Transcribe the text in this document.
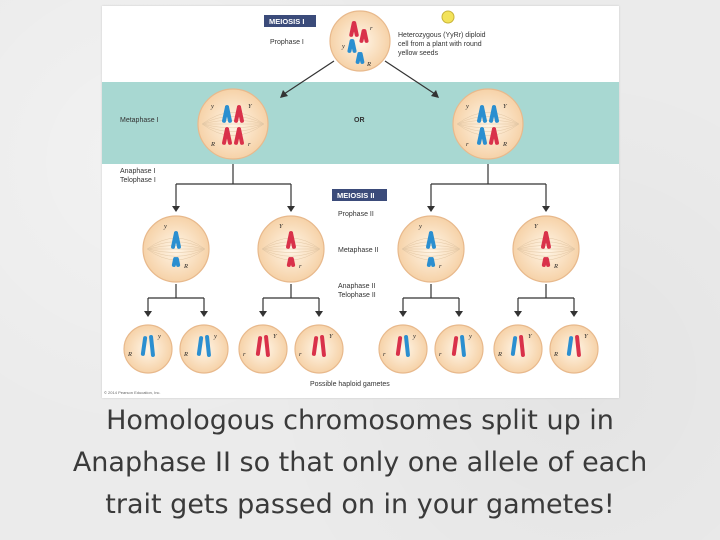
Metaphase I
Anaphase I
Telophase I
MEIOSIS I
Prophase I
MEIOSIS II
Prophase II
Metaphase II
Anaphase II
Telophase II
OR
Heterozygous (YyRr) diploid
cell from a plant with round
yellow seeds
Possible haploid gametes
© 2014 Pearson Education, Inc.
r
y
R
y	Y
R	r
y	Y
r	R
y
R
Y
r
y
r
Y
R
R
y
R
y
r
Y
r
Y
r
y
r
y
R
Y
R
Y
Homologous chromosomes split up in
Anaphase II so that only one allele of each
trait gets passed on in your gametes!
